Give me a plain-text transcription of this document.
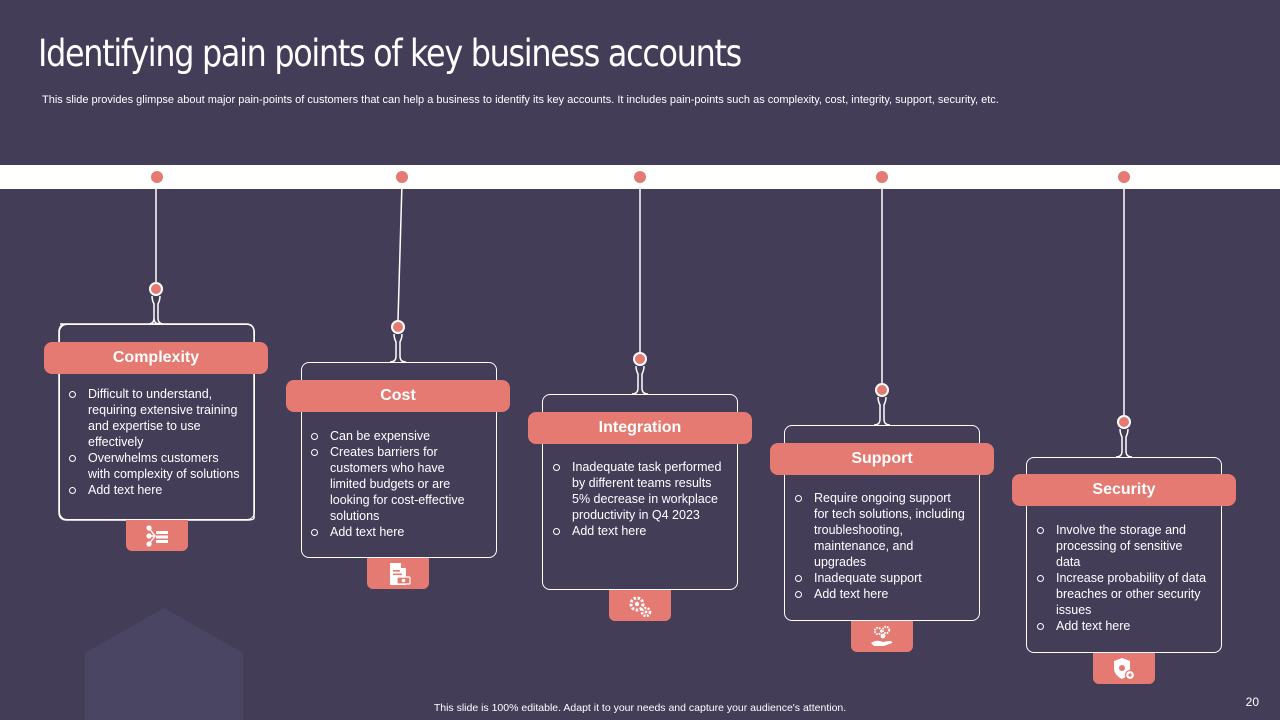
Identifying pain points of key business accounts

This slide provides glimpse about major pain-points of customers that can help a business to identify its key accounts. It includes pain-points such as complexity, cost, integrity, support, security, etc.

Complexity
Difficult to understand, requiring extensive training and expertise to use effectively
Overwhelms customers with complexity of solutions
Add text here
Cost
Can be expensive
Creates barriers for customers who have limited budgets or are looking for cost-effective solutions
Add text here
Integration
Inadequate task performed by different teams results 5% decrease in workplace productivity in Q4 2023
Add text here
Support
Require ongoing support for tech solutions, including troubleshooting, maintenance, and upgrades
Inadequate support
Add text here
Security
Involve the storage and processing of sensitive data
Increase probability of data breaches or other security issues
Add text here
This slide is 100% editable. Adapt it to your needs and capture your audience's attention.	20
